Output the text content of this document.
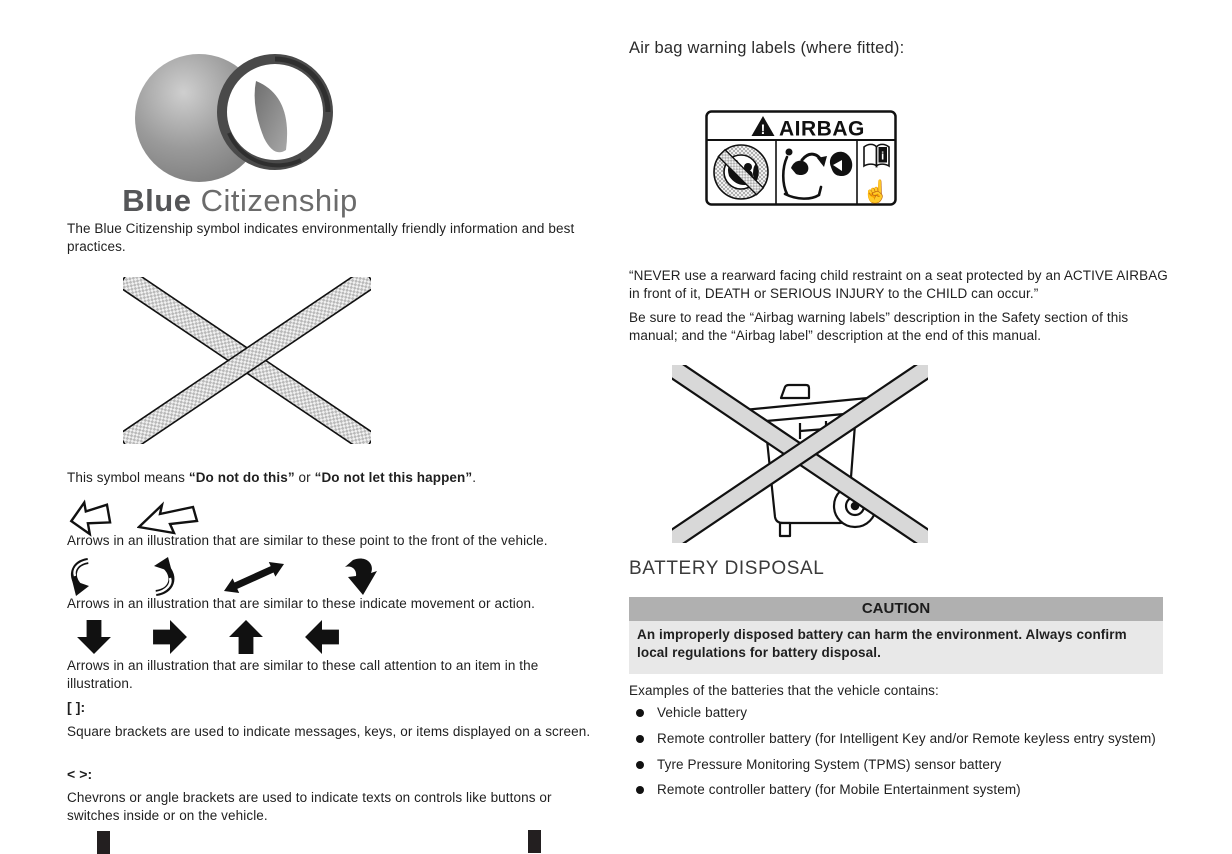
Blue Citizenship

The Blue Citizenship symbol indicates environmentally friendly information and best practices.

This symbol means “Do not do this” or “Do not let this happen”.

Arrows in an illustration that are similar to these point to the front of the vehicle.

Arrows in an illustration that are similar to these indicate movement or action.

Arrows in an illustration that are similar to these call attention to an item in the illustration.

[ ]:

Square brackets are used to indicate messages, keys, or items displayed on a screen.

< >:

Chevrons or angle brackets are used to indicate texts on controls like buttons or switches inside or on the vehicle.

Air bag warning labels (where fitted):
! AIRBAG
i
☝

“NEVER use a rearward facing child restraint on a seat protected by an ACTIVE AIRBAG in front of it, DEATH or SERIOUS INJURY to the CHILD can occur.”

Be sure to read the “Airbag warning labels” description in the Safety section of this manual; and the “Airbag label” description at the end of this manual.

BATTERY DISPOSAL
CAUTION
An improperly disposed battery can harm the environment. Always confirm local regulations for battery disposal.

Examples of the batteries that the vehicle contains:

Vehicle battery
Remote controller battery (for Intelligent Key and/or Remote keyless entry system)
Tyre Pressure Monitoring System (TPMS) sensor battery
Remote controller battery (for Mobile Entertainment system)
